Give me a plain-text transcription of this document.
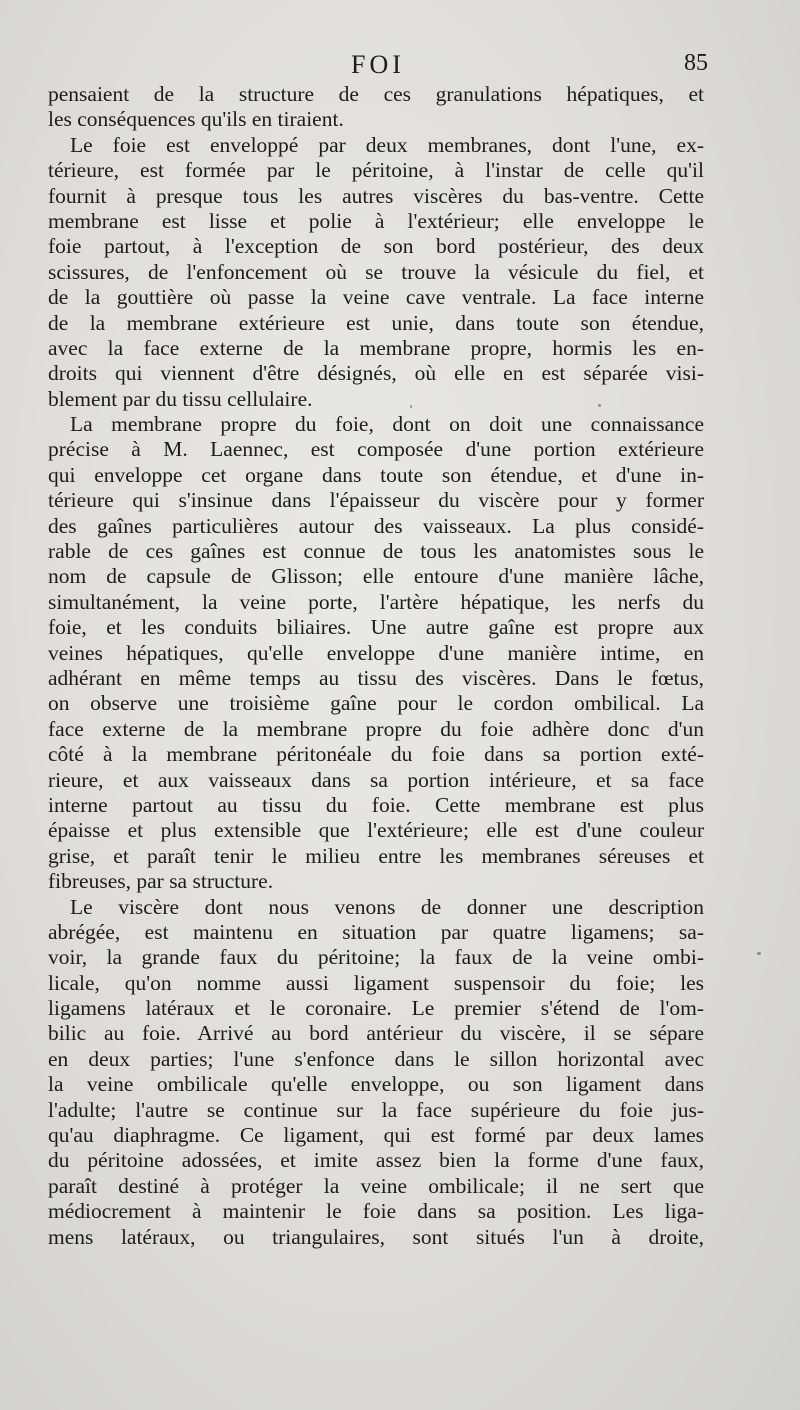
FOI	85
pensaient de la structure de ces granulations hépatiques, et
les conséquences qu'ils en tiraient.
Le foie est enveloppé par deux membranes, dont l'une, ex-
térieure, est formée par le péritoine, à l'instar de celle qu'il
fournit à presque tous les autres viscères du bas-ventre. Cette
membrane est lisse et polie à l'extérieur; elle enveloppe le
foie partout, à l'exception de son bord postérieur, des deux
scissures, de l'enfoncement où se trouve la vésicule du fiel, et
de la gouttière où passe la veine cave ventrale. La face interne
de la membrane extérieure est unie, dans toute son étendue,
avec la face externe de la membrane propre, hormis les en-
droits qui viennent d'être désignés, où elle en est séparée visi-
blement par du tissu cellulaire.
La membrane propre du foie, dont on doit une connaissance
précise à M. Laennec, est composée d'une portion extérieure
qui enveloppe cet organe dans toute son étendue, et d'une in-
térieure qui s'insinue dans l'épaisseur du viscère pour y former
des gaînes particulières autour des vaisseaux. La plus considé-
rable de ces gaînes est connue de tous les anatomistes sous le
nom de capsule de Glisson; elle entoure d'une manière lâche,
simultanément, la veine porte, l'artère hépatique, les nerfs du
foie, et les conduits biliaires. Une autre gaîne est propre aux
veines hépatiques, qu'elle enveloppe d'une manière intime, en
adhérant en même temps au tissu des viscères. Dans le fœtus,
on observe une troisième gaîne pour le cordon ombilical. La
face externe de la membrane propre du foie adhère donc d'un
côté à la membrane péritonéale du foie dans sa portion exté-
rieure, et aux vaisseaux dans sa portion intérieure, et sa face
interne partout au tissu du foie. Cette membrane est plus
épaisse et plus extensible que l'extérieure; elle est d'une couleur
grise, et paraît tenir le milieu entre les membranes séreuses et
fibreuses, par sa structure.
Le viscère dont nous venons de donner une description
abrégée, est maintenu en situation par quatre ligamens; sa-
voir, la grande faux du péritoine; la faux de la veine ombi-
licale, qu'on nomme aussi ligament suspensoir du foie; les
ligamens latéraux et le coronaire. Le premier s'étend de l'om-
bilic au foie. Arrivé au bord antérieur du viscère, il se sépare
en deux parties; l'une s'enfonce dans le sillon horizontal avec
la veine ombilicale qu'elle enveloppe, ou son ligament dans
l'adulte; l'autre se continue sur la face supérieure du foie jus-
qu'au diaphragme. Ce ligament, qui est formé par deux lames
du péritoine adossées, et imite assez bien la forme d'une faux,
paraît destiné à protéger la veine ombilicale; il ne sert que
médiocrement à maintenir le foie dans sa position. Les liga-
mens latéraux, ou triangulaires, sont situés l'un à droite,
